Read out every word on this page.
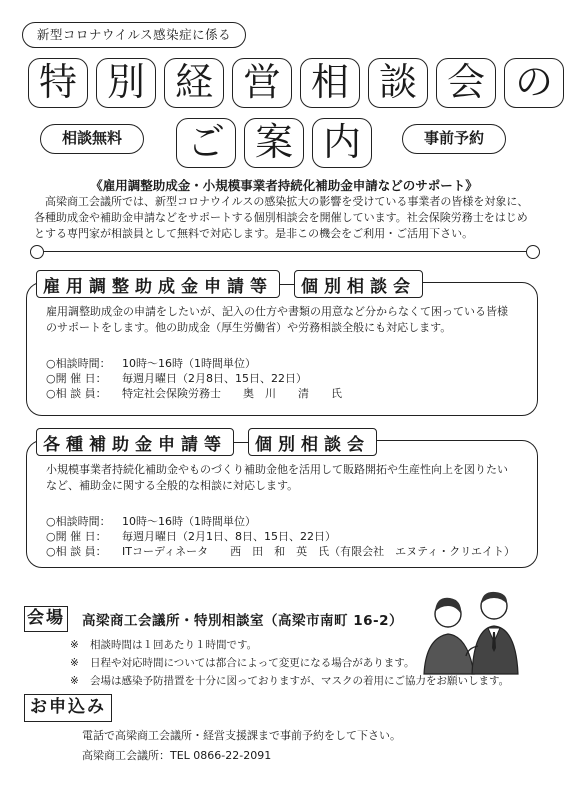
新型コロナウイルス感染症に係る
特 別 経 営 相 談 会 の
相談無料	ご 案 内	事前予約
《雇用調整助成金・小規模事業者持続化補助金申請などのサポート》
高梁商工会議所では、新型コロナウイルスの感染拡大の影響を受けている事業者の皆様を対象に、各種助成金や補助金申請などをサポートする個別相談会を開催しています。社会保険労務士をはじめとする専門家が相談員として無料で対応します。是非この機会をご利用・ご活用下さい。
雇用調整助成金申請等	個別相談会
雇用調整助成金の申請をしたいが、記入の仕方や書類の用意など分からなくて困っている皆様のサポートをします。他の助成金（厚生労働省）や労務相談全般にも対応します。
○相談時間：	10時～16時（1時間単位）
○開 催 日：	毎週月曜日（2月8日、15日、22日）
○相 談 員：	特定社会保険労務士　　奥　川　　清　　氏
各種補助金申請等	個別相談会
小規模事業者持続化補助金やものづくり補助金他を活用して販路開拓や生産性向上を図りたいなど、補助金に関する全般的な相談に対応します。
○相談時間：	10時～16時（1時間単位）
○開 催 日：	毎週月曜日（2月1日、8日、15日、22日）
○相 談 員：	ITコーディネータ　　西　田　和　英　氏（有限会社　エヌティ・クリエイト）
会場 高梁商工会議所・特別相談室（高梁市南町 16-2）
※	相談時間は１回あたり１時間です。
※	日程や対応時間については都合によって変更になる場合があります。
※	会場は感染予防措置を十分に図っておりますが、マスクの着用にご協力をお願いします。
お申込み
電話で高梁商工会議所・経営支援課まで事前予約をして下さい。
高梁商工会議所：TEL 0866-22-2091
